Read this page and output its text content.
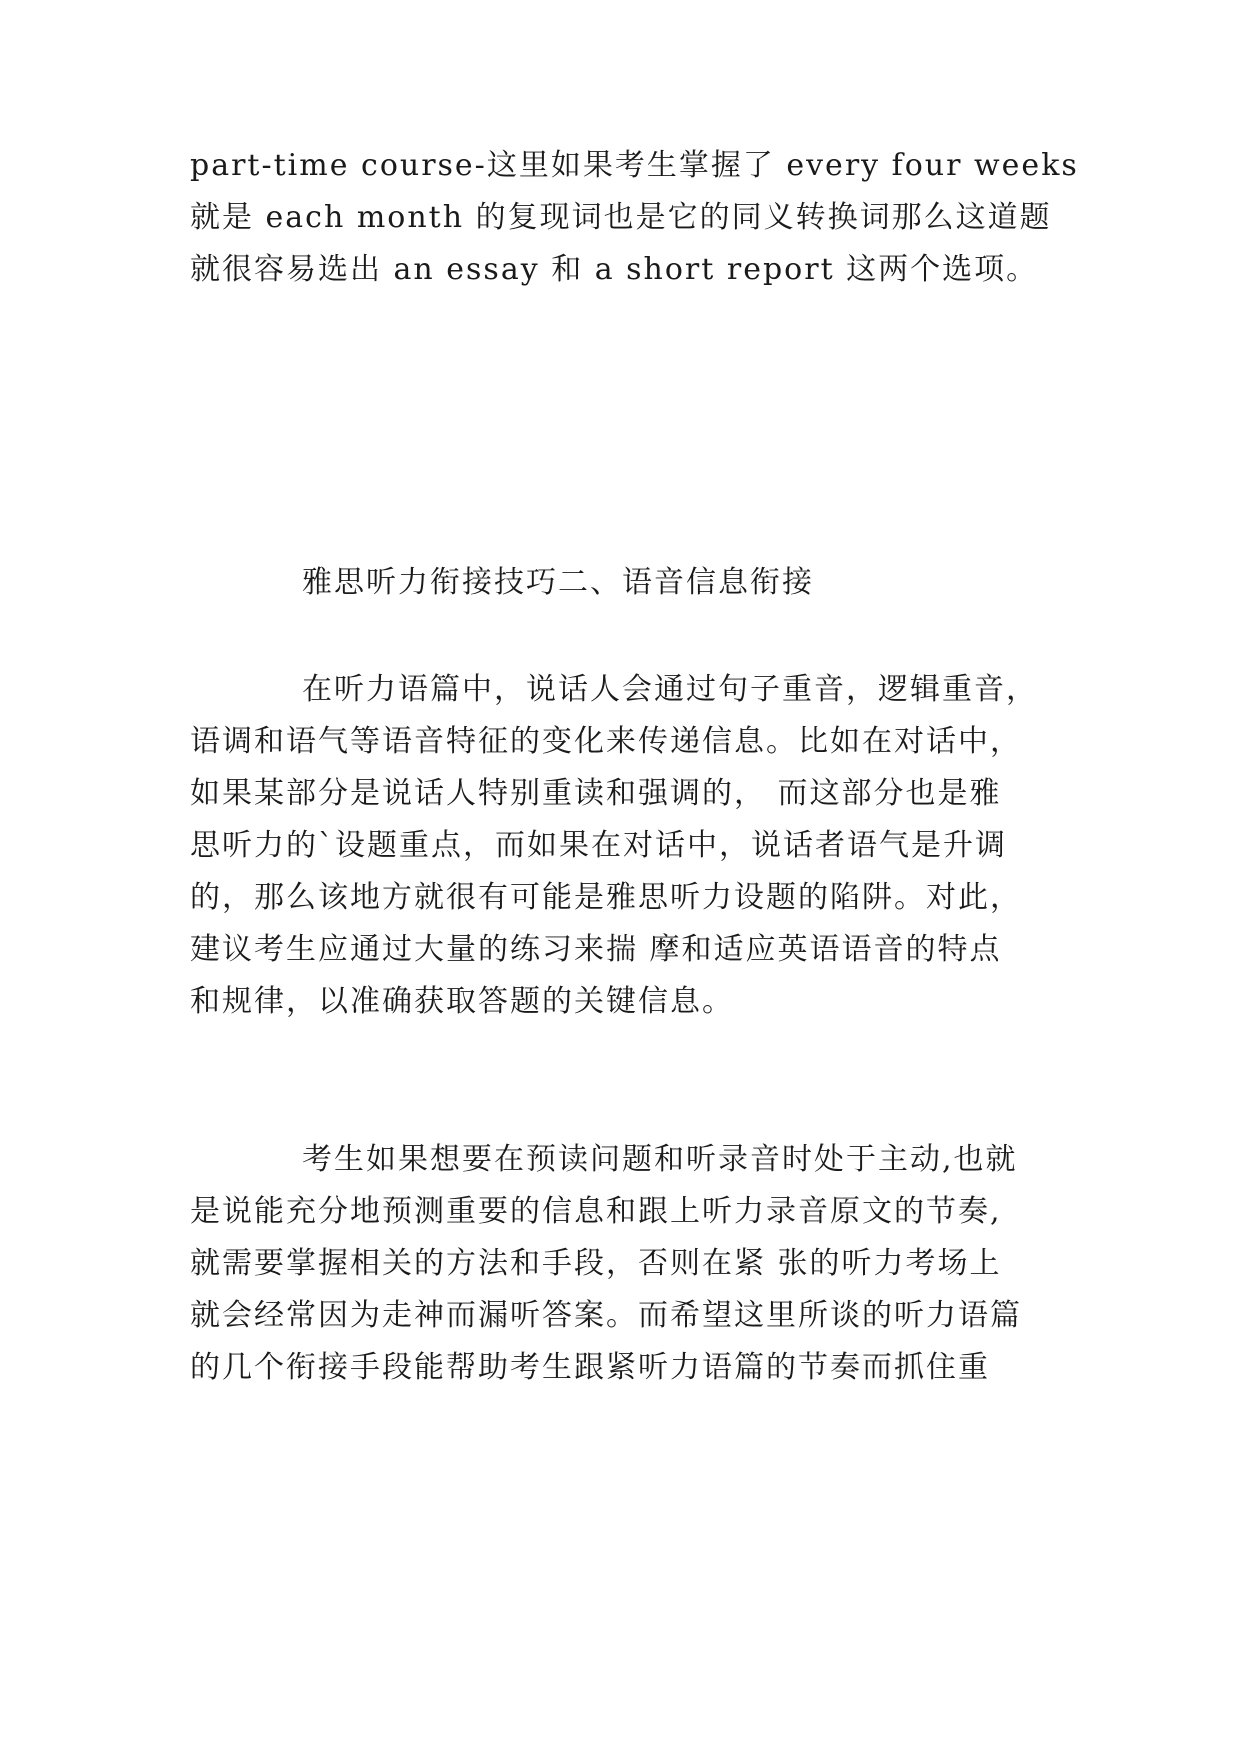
part-time course-这里如果考生掌握了 every four weeks
就是 each month 的复现词也是它的同义转换词那么这道题
就很容易选出 an essay 和 a short report 这两个选项。
雅思听力衔接技巧二、语音信息衔接
在听力语篇中，说话人会通过句子重音，逻辑重音，
语调和语气等语音特征的变化来传递信息。比如在对话中，
如果某部分是说话人特别重读和强调的， 而这部分也是雅
思听力的`设题重点，而如果在对话中，说话者语气是升调
的，那么该地方就很有可能是雅思听力设题的陷阱。对此，
建议考生应通过大量的练习来揣 摩和适应英语语音的特点
和规律，以准确获取答题的关键信息。
考生如果想要在预读问题和听录音时处于主动,也就
是说能充分地预测重要的信息和跟上听力录音原文的节奏,
就需要掌握相关的方法和手段，否则在紧 张的听力考场上
就会经常因为走神而漏听答案。而希望这里所谈的听力语篇
的几个衔接手段能帮助考生跟紧听力语篇的节奏而抓住重
